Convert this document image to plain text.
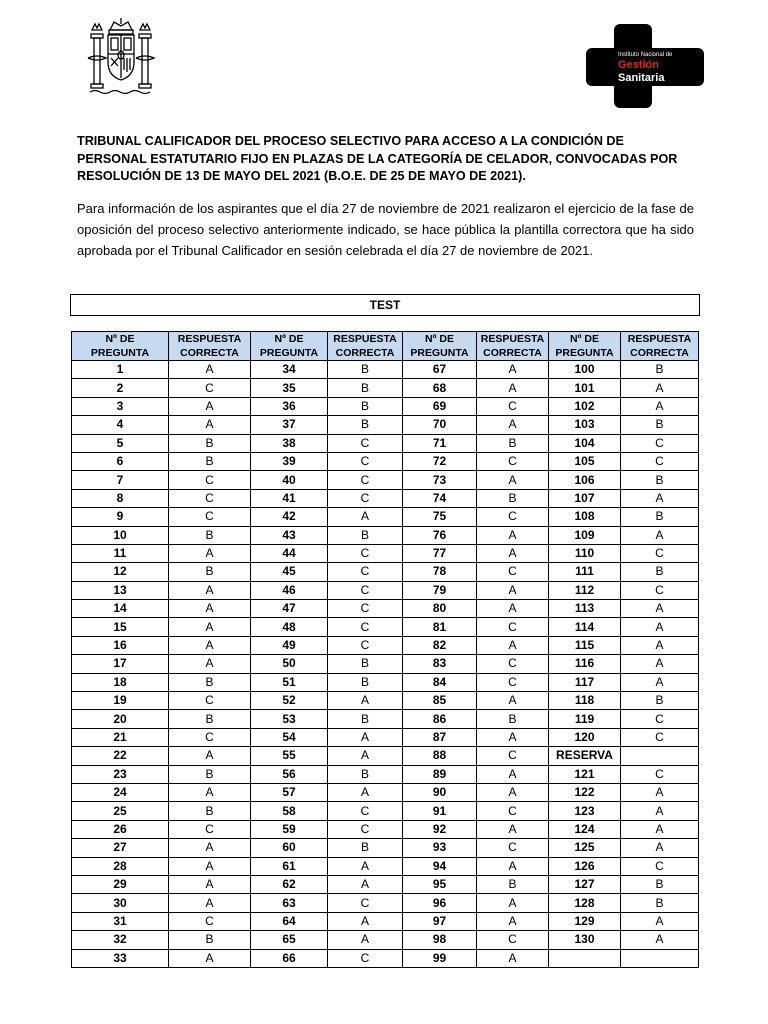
Instituto Nacional de
Gestión Sanitaria
TRIBUNAL CALIFICADOR DEL PROCESO SELECTIVO PARA ACCESO A LA CONDICIÓN DE PERSONAL ESTATUTARIO FIJO EN PLAZAS DE LA CATEGORÍA DE CELADOR, CONVOCADAS POR RESOLUCIÓN DE 13 DE MAYO DEL 2021 (B.O.E. DE 25 DE MAYO DE 2021).
Para información de los aspirantes que el día 27 de noviembre de 2021 realizaron el ejercicio de la fase de oposición del proceso selectivo anteriormente indicado, se hace pública la plantilla correctora que ha sido aprobada por el Tribunal Calificador en sesión celebrada el día 27 de noviembre de 2021.
TEST
Nº DE
PREGUNTA	RESPUESTA
CORRECTA	Nº DE
PREGUNTA	RESPUESTA
CORRECTA	Nº DE
PREGUNTA	RESPUESTA
CORRECTA	Nº DE
PREGUNTA	RESPUESTA
CORRECTA
1	A	34	B	67	A	100	B
2	C	35	B	68	A	101	A
3	A	36	B	69	C	102	A
4	A	37	B	70	A	103	B
5	B	38	C	71	B	104	C
6	B	39	C	72	C	105	C
7	C	40	C	73	A	106	B
8	C	41	C	74	B	107	A
9	C	42	A	75	C	108	B
10	B	43	B	76	A	109	A
11	A	44	C	77	A	110	C
12	B	45	C	78	C	111	B
13	A	46	C	79	A	112	C
14	A	47	C	80	A	113	A
15	A	48	C	81	C	114	A
16	A	49	C	82	A	115	A
17	A	50	B	83	C	116	A
18	B	51	B	84	C	117	A
19	C	52	A	85	A	118	B
20	B	53	B	86	B	119	C
21	C	54	A	87	A	120	C
22	A	55	A	88	C	RESERVA	
23	B	56	B	89	A	121	C
24	A	57	A	90	A	122	A
25	B	58	C	91	C	123	A
26	C	59	C	92	A	124	A
27	A	60	B	93	C	125	A
28	A	61	A	94	A	126	C
29	A	62	A	95	B	127	B
30	A	63	C	96	A	128	B
31	C	64	A	97	A	129	A
32	B	65	A	98	C	130	A
33	A	66	C	99	A		
